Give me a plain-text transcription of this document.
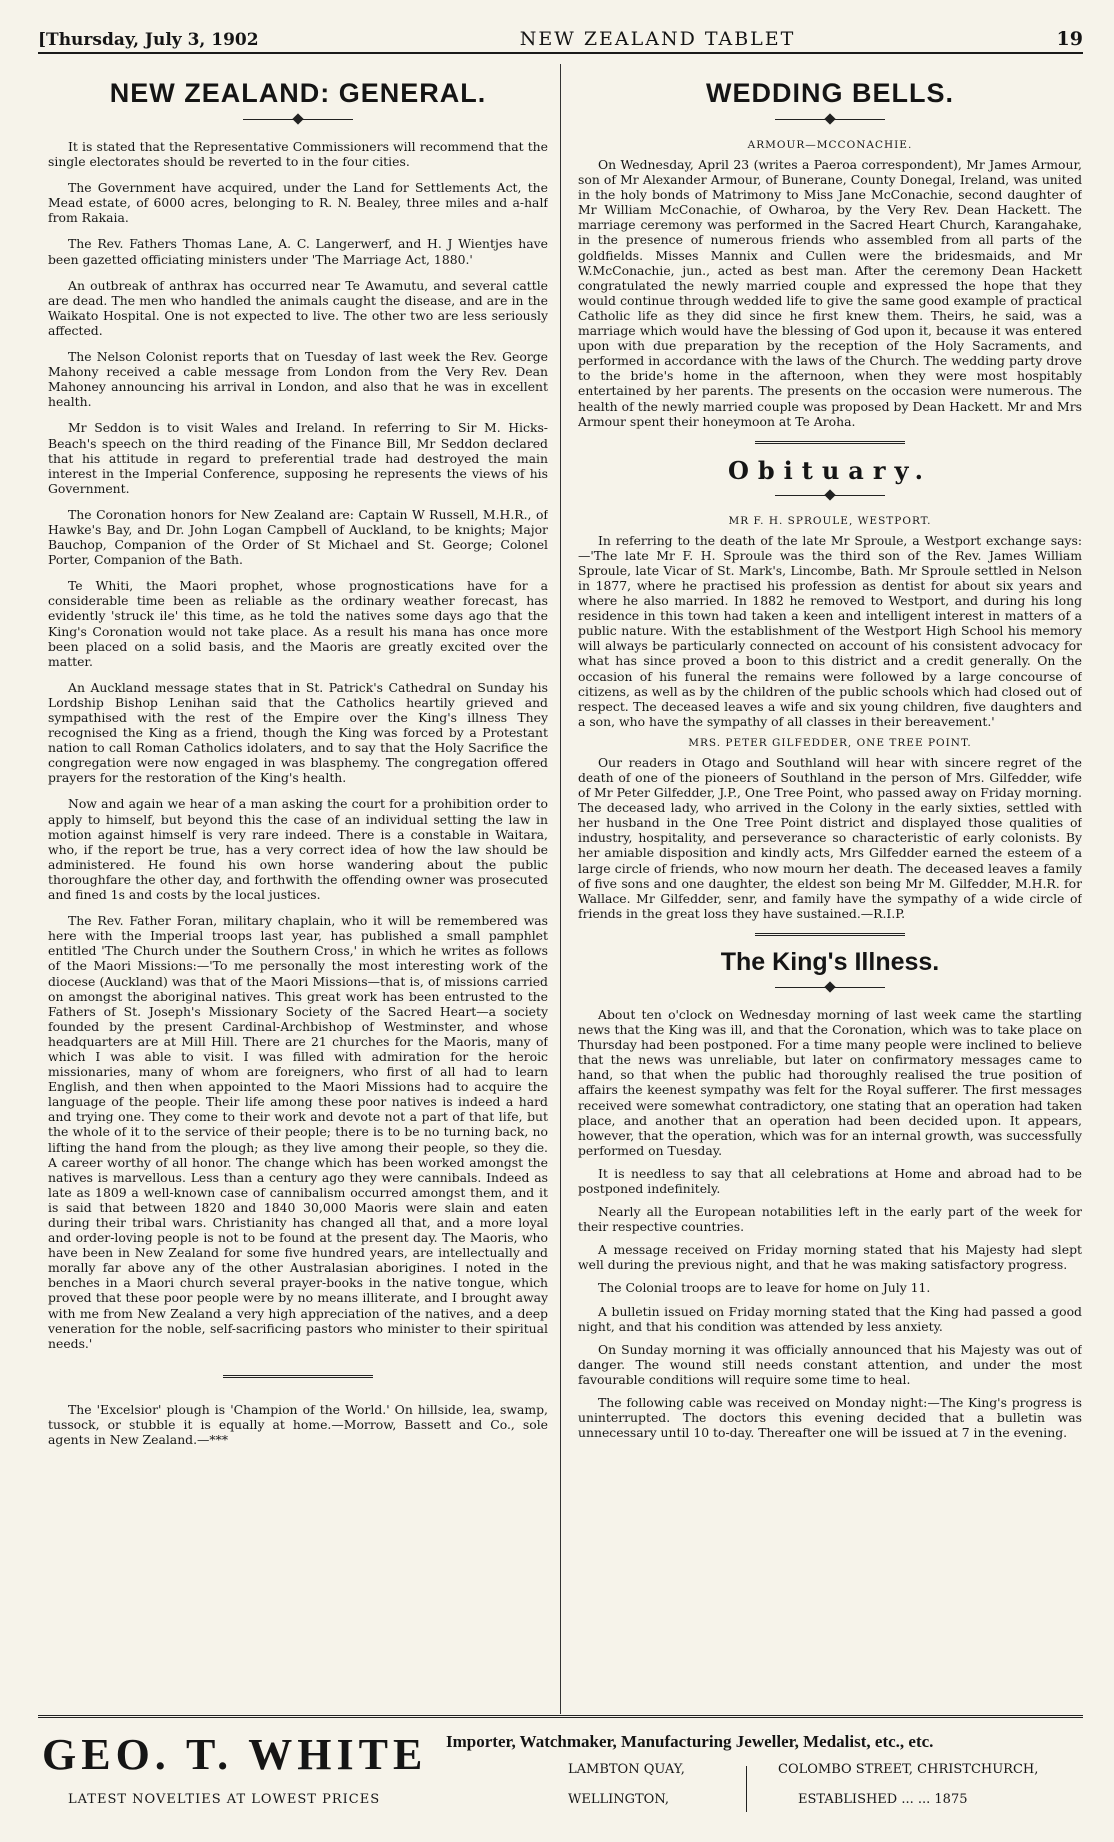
[Thursday, July 3, 1902	NEW ZEALAND TABLET	19
NEW ZEALAND: GENERAL.

It is stated that the Representative Commissioners will recommend that the single electorates should be reverted to in the four cities.

The Government have acquired, under the Land for Settlements Act, the Mead estate, of 6000 acres, belonging to R. N. Bealey, three miles and a-half from Rakaia.

The Rev. Fathers Thomas Lane, A. C. Langerwerf, and H. J Wientjes have been gazetted officiating ministers under 'The Marriage Act, 1880.'

An outbreak of anthrax has occurred near Te Awamutu, and several cattle are dead. The men who handled the animals caught the disease, and are in the Waikato Hospital. One is not expected to live. The other two are less seriously affected.

The Nelson Colonist reports that on Tuesday of last week the Rev. George Mahony received a cable message from London from the Very Rev. Dean Mahoney announcing his arrival in London, and also that he was in excellent health.

Mr Seddon is to visit Wales and Ireland. In referring to Sir M. Hicks-Beach's speech on the third reading of the Finance Bill, Mr Seddon declared that his attitude in regard to preferential trade had destroyed the main interest in the Imperial Conference, supposing he represents the views of his Government.

The Coronation honors for New Zealand are: Captain W Russell, M.H.R., of Hawke's Bay, and Dr. John Logan Campbell of Auckland, to be knights; Major Bauchop, Companion of the Order of St Michael and St. George; Colonel Porter, Companion of the Bath.

Te Whiti, the Maori prophet, whose prognostications have for a considerable time been as reliable as the ordinary weather forecast, has evidently 'struck ile' this time, as he told the natives some days ago that the King's Coronation would not take place. As a result his mana has once more been placed on a solid basis, and the Maoris are greatly excited over the matter.

An Auckland message states that in St. Patrick's Cathedral on Sunday his Lordship Bishop Lenihan said that the Catholics heartily grieved and sympathised with the rest of the Empire over the King's illness They recognised the King as a friend, though the King was forced by a Protestant nation to call Roman Catholics idolaters, and to say that the Holy Sacrifice the congregation were now engaged in was blasphemy. The congregation offered prayers for the restoration of the King's health.

Now and again we hear of a man asking the court for a prohibition order to apply to himself, but beyond this the case of an individual setting the law in motion against himself is very rare indeed. There is a constable in Waitara, who, if the report be true, has a very correct idea of how the law should be administered. He found his own horse wandering about the public thoroughfare the other day, and forthwith the offending owner was prosecuted and fined 1s and costs by the local justices.

The Rev. Father Foran, military chaplain, who it will be remembered was here with the Imperial troops last year, has published a small pamphlet entitled 'The Church under the Southern Cross,' in which he writes as follows of the Maori Missions:—'To me personally the most interesting work of the diocese (Auckland) was that of the Maori Missions—that is, of missions carried on amongst the aboriginal natives. This great work has been entrusted to the Fathers of St. Joseph's Missionary Society of the Sacred Heart—a society founded by the present Cardinal-Archbishop of Westminster, and whose headquarters are at Mill Hill. There are 21 churches for the Maoris, many of which I was able to visit. I was filled with admiration for the heroic missionaries, many of whom are foreigners, who first of all had to learn English, and then when appointed to the Maori Missions had to acquire the language of the people. Their life among these poor natives is indeed a hard and trying one. They come to their work and devote not a part of that life, but the whole of it to the service of their people; there is to be no turning back, no lifting the hand from the plough; as they live among their people, so they die. A career worthy of all honor. The change which has been worked amongst the natives is marvellous. Less than a century ago they were cannibals. Indeed as late as 1809 a well-known case of cannibalism occurred amongst them, and it is said that between 1820 and 1840 30,000 Maoris were slain and eaten during their tribal wars. Christianity has changed all that, and a more loyal and order-loving people is not to be found at the present day. The Maoris, who have been in New Zealand for some five hundred years, are intellectually and morally far above any of the other Australasian aborigines. I noted in the benches in a Maori church several prayer-books in the native tongue, which proved that these poor people were by no means illiterate, and I brought away with me from New Zealand a very high appreciation of the natives, and a deep veneration for the noble, self-sacrificing pastors who minister to their spiritual needs.'

The 'Excelsior' plough is 'Champion of the World.' On hillside, lea, swamp, tussock, or stubble it is equally at home.—Morrow, Bassett and Co., sole agents in New Zealand.—***

WEDDING BELLS.
ARMOUR—MCCONACHIE.

On Wednesday, April 23 (writes a Paeroa correspondent), Mr James Armour, son of Mr Alexander Armour, of Bunerane, County Donegal, Ireland, was united in the holy bonds of Matrimony to Miss Jane McConachie, second daughter of Mr William McConachie, of Owharoa, by the Very Rev. Dean Hackett. The marriage ceremony was performed in the Sacred Heart Church, Karangahake, in the presence of numerous friends who assembled from all parts of the goldfields. Misses Mannix and Cullen were the bridesmaids, and Mr W.McConachie, jun., acted as best man. After the ceremony Dean Hackett congratulated the newly married couple and expressed the hope that they would continue through wedded life to give the same good example of practical Catholic life as they did since he first knew them. Theirs, he said, was a marriage which would have the blessing of God upon it, because it was entered upon with due preparation by the reception of the Holy Sacraments, and performed in accordance with the laws of the Church. The wedding party drove to the bride's home in the afternoon, when they were most hospitably entertained by her parents. The presents on the occasion were numerous. The health of the newly married couple was proposed by Dean Hackett. Mr and Mrs Armour spent their honeymoon at Te Aroha.

Obituary.
MR F. H. SPROULE, WESTPORT.

In referring to the death of the late Mr Sproule, a Westport exchange says:—'The late Mr F. H. Sproule was the third son of the Rev. James William Sproule, late Vicar of St. Mark's, Lincombe, Bath. Mr Sproule settled in Nelson in 1877, where he practised his profession as dentist for about six years and where he also married. In 1882 he removed to Westport, and during his long residence in this town had taken a keen and intelligent interest in matters of a public nature. With the establishment of the Westport High School his memory will always be particularly connected on account of his consistent advocacy for what has since proved a boon to this district and a credit generally. On the occasion of his funeral the remains were followed by a large concourse of citizens, as well as by the children of the public schools which had closed out of respect. The deceased leaves a wife and six young children, five daughters and a son, who have the sympathy of all classes in their bereavement.'

MRS. PETER GILFEDDER, ONE TREE POINT.

Our readers in Otago and Southland will hear with sincere regret of the death of one of the pioneers of Southland in the person of Mrs. Gilfedder, wife of Mr Peter Gilfedder, J.P., One Tree Point, who passed away on Friday morning. The deceased lady, who arrived in the Colony in the early sixties, settled with her husband in the One Tree Point district and displayed those qualities of industry, hospitality, and perseverance so characteristic of early colonists. By her amiable disposition and kindly acts, Mrs Gilfedder earned the esteem of a large circle of friends, who now mourn her death. The deceased leaves a family of five sons and one daughter, the eldest son being Mr M. Gilfedder, M.H.R. for Wallace. Mr Gilfedder, senr, and family have the sympathy of a wide circle of friends in the great loss they have sustained.—R.I.P.

The King's Illness.

About ten o'clock on Wednesday morning of last week came the startling news that the King was ill, and that the Coronation, which was to take place on Thursday had been postponed. For a time many people were inclined to believe that the news was unreliable, but later on confirmatory messages came to hand, so that when the public had thoroughly realised the true position of affairs the keenest sympathy was felt for the Royal sufferer. The first messages received were somewhat contradictory, one stating that an operation had taken place, and another that an operation had been decided upon. It appears, however, that the operation, which was for an internal growth, was successfully performed on Tuesday.

It is needless to say that all celebrations at Home and abroad had to be postponed indefinitely.

Nearly all the European notabilities left in the early part of the week for their respective countries.

A message received on Friday morning stated that his Majesty had slept well during the previous night, and that he was making satisfactory progress.

The Colonial troops are to leave for home on July 11.

A bulletin issued on Friday morning stated that the King had passed a good night, and that his condition was attended by less anxiety.

On Sunday morning it was officially announced that his Majesty was out of danger. The wound still needs constant attention, and under the most favourable conditions will require some time to heal.

The following cable was received on Monday night:—The King's progress is uninterrupted. The doctors this evening decided that a bulletin was unnecessary until 10 to-day. Thereafter one will be issued at 7 in the evening.

GEO. T. WHITE
LATEST NOVELTIES AT LOWEST PRICES
Importer, Watchmaker, Manufacturing Jeweller, Medalist, etc., etc.
LAMBTON QUAY,
WELLINGTON,
COLOMBO STREET, CHRISTCHURCH,
ESTABLISHED ... ... 1875
